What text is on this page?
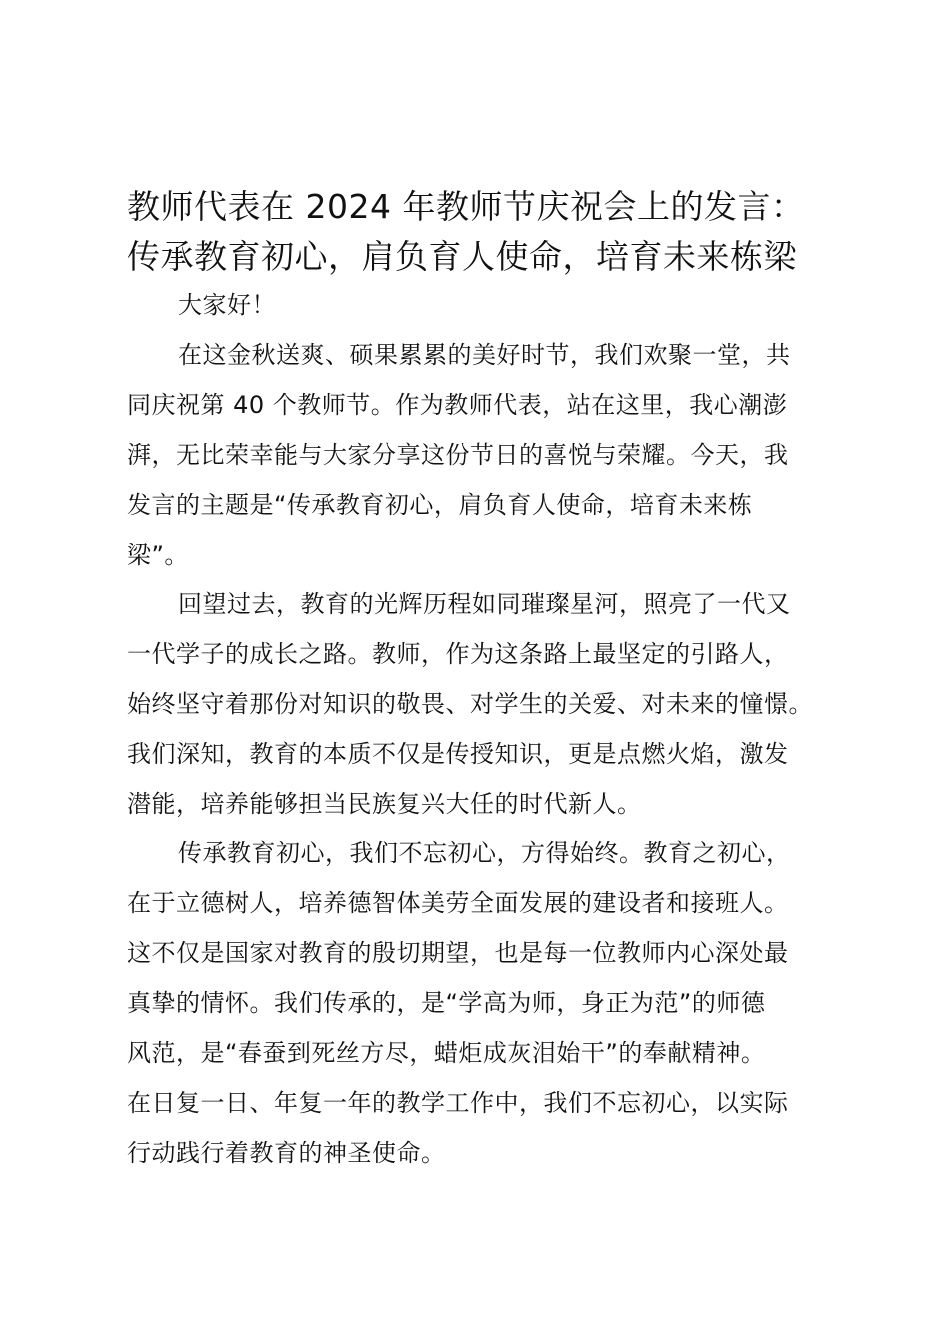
教师代表在 2024 年教师节庆祝会上的发言：
传承教育初心，肩负育人使命，培育未来栋梁

大家好！

在这金秋送爽、硕果累累的美好时节，我们欢聚一堂，共
同庆祝第 40 个教师节。作为教师代表，站在这里，我心潮澎
湃，无比荣幸能与大家分享这份节日的喜悦与荣耀。今天，我
发言的主题是“传承教育初心，肩负育人使命，培育未来栋
梁”。

回望过去，教育的光辉历程如同璀璨星河，照亮了一代又
一代学子的成长之路。教师，作为这条路上最坚定的引路人，
始终坚守着那份对知识的敬畏、对学生的关爱、对未来的憧憬。
我们深知，教育的本质不仅是传授知识，更是点燃火焰，激发
潜能，培养能够担当民族复兴大任的时代新人。

传承教育初心，我们不忘初心，方得始终。教育之初心，
在于立德树人，培养德智体美劳全面发展的建设者和接班人。
这不仅是国家对教育的殷切期望，也是每一位教师内心深处最
真挚的情怀。我们传承的，是“学高为师，身正为范”的师德
风范，是“春蚕到死丝方尽，蜡炬成灰泪始干”的奉献精神。
在日复一日、年复一年的教学工作中，我们不忘初心，以实际
行动践行着教育的神圣使命。
